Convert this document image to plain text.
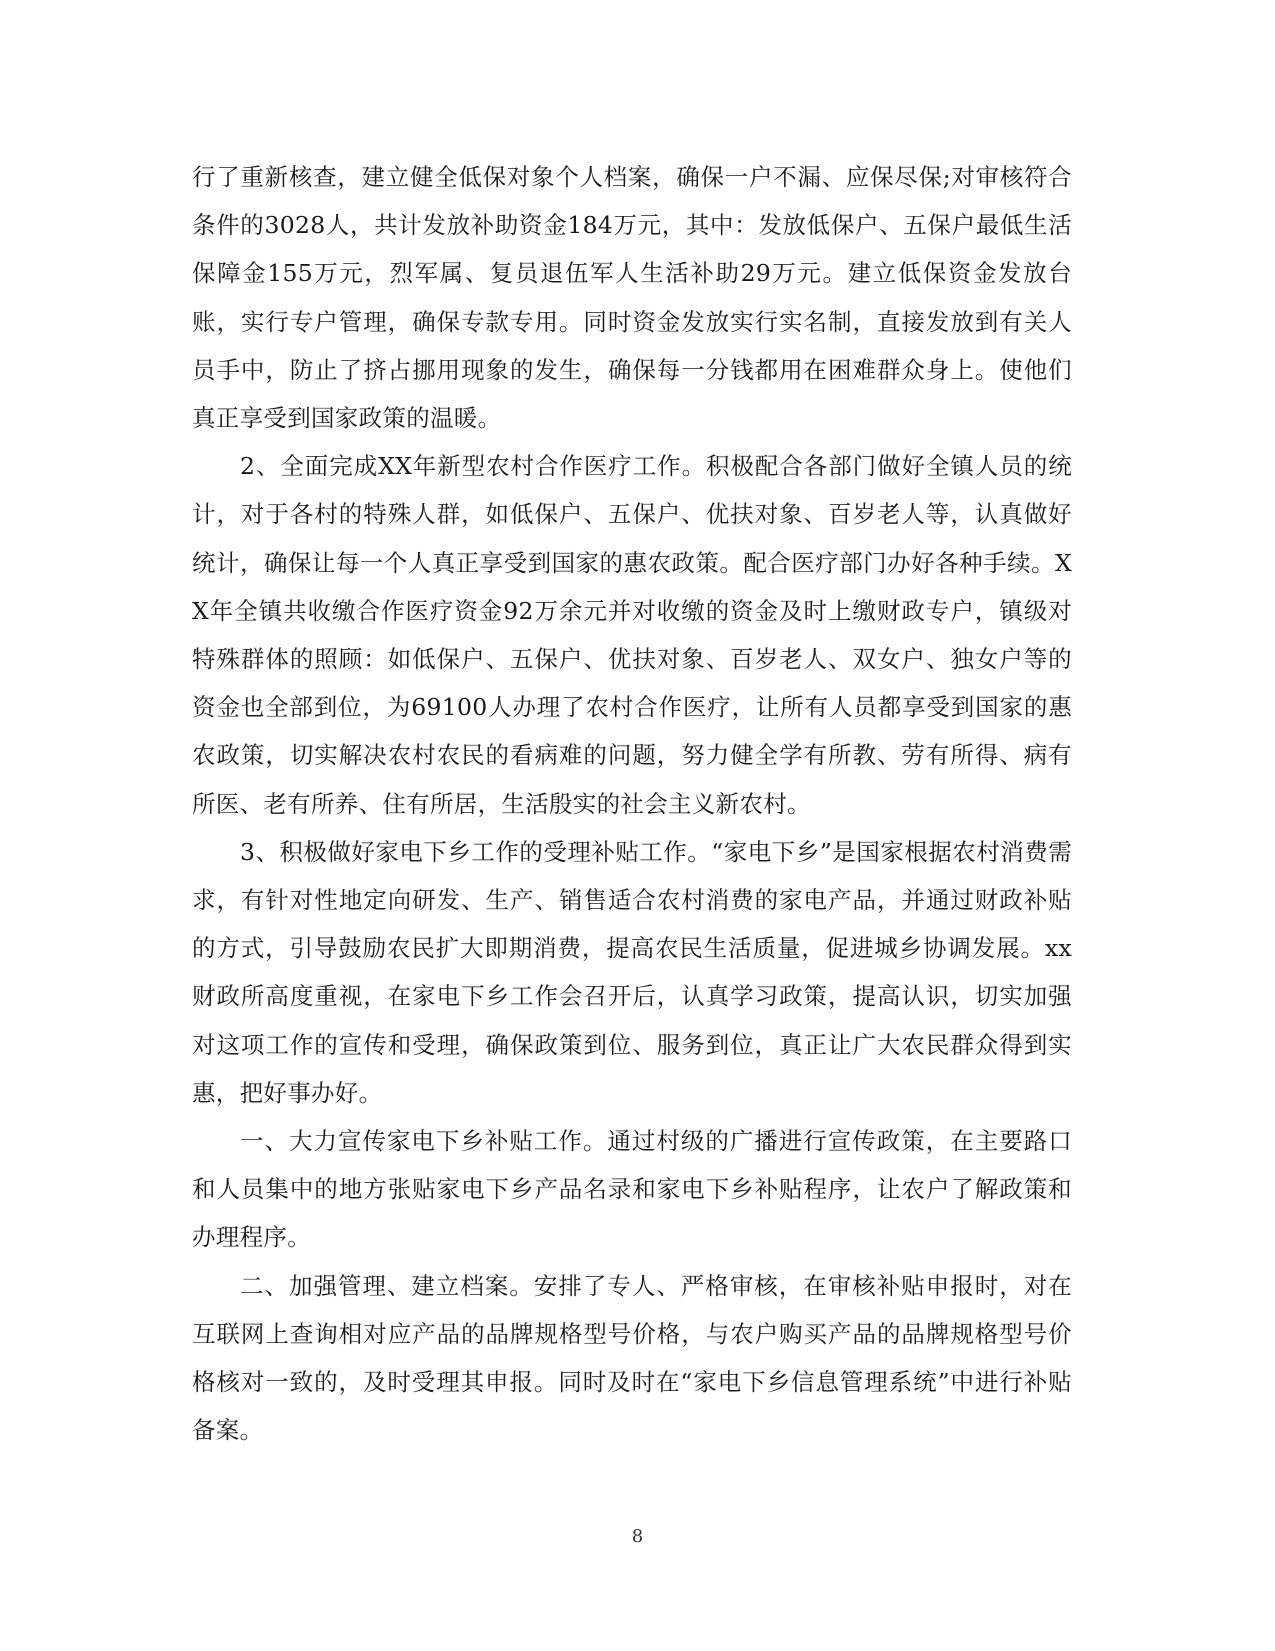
行了重新核查，建立健全低保对象个人档案，确保一户不漏、应保尽保;对审核符合条件的3028人，共计发放补助资金184万元，其中：发放低保户、五保户最低生活保障金155万元，烈军属、复员退伍军人生活补助29万元。建立低保资金发放台账，实行专户管理，确保专款专用。同时资金发放实行实名制，直接发放到有关人员手中，防止了挤占挪用现象的发生，确保每一分钱都用在困难群众身上。使他们真正享受到国家政策的温暖。

2、全面完成XX年新型农村合作医疗工作。积极配合各部门做好全镇人员的统计，对于各村的特殊人群，如低保户、五保户、优扶对象、百岁老人等，认真做好统计，确保让每一个人真正享受到国家的惠农政策。配合医疗部门办好各种手续。XX年全镇共收缴合作医疗资金92万余元并对收缴的资金及时上缴财政专户，镇级对特殊群体的照顾：如低保户、五保户、优扶对象、百岁老人、双女户、独女户等的资金也全部到位，为69100人办理了农村合作医疗，让所有人员都享受到国家的惠农政策，切实解决农村农民的看病难的问题，努力健全学有所教、劳有所得、病有所医、老有所养、住有所居，生活殷实的社会主义新农村。

3、积极做好家电下乡工作的受理补贴工作。“家电下乡”是国家根据农村消费需求，有针对性地定向研发、生产、销售适合农村消费的家电产品，并通过财政补贴的方式，引导鼓励农民扩大即期消费，提高农民生活质量，促进城乡协调发展。xx财政所高度重视，在家电下乡工作会召开后，认真学习政策，提高认识，切实加强对这项工作的宣传和受理，确保政策到位、服务到位，真正让广大农民群众得到实惠，把好事办好。

一、大力宣传家电下乡补贴工作。通过村级的广播进行宣传政策，在主要路口和人员集中的地方张贴家电下乡产品名录和家电下乡补贴程序，让农户了解政策和办理程序。

二、加强管理、建立档案。安排了专人、严格审核，在审核补贴申报时，对在互联网上查询相对应产品的品牌规格型号价格，与农户购买产品的品牌规格型号价格核对一致的，及时受理其申报。同时及时在“家电下乡信息管理系统”中进行补贴备案。

8
